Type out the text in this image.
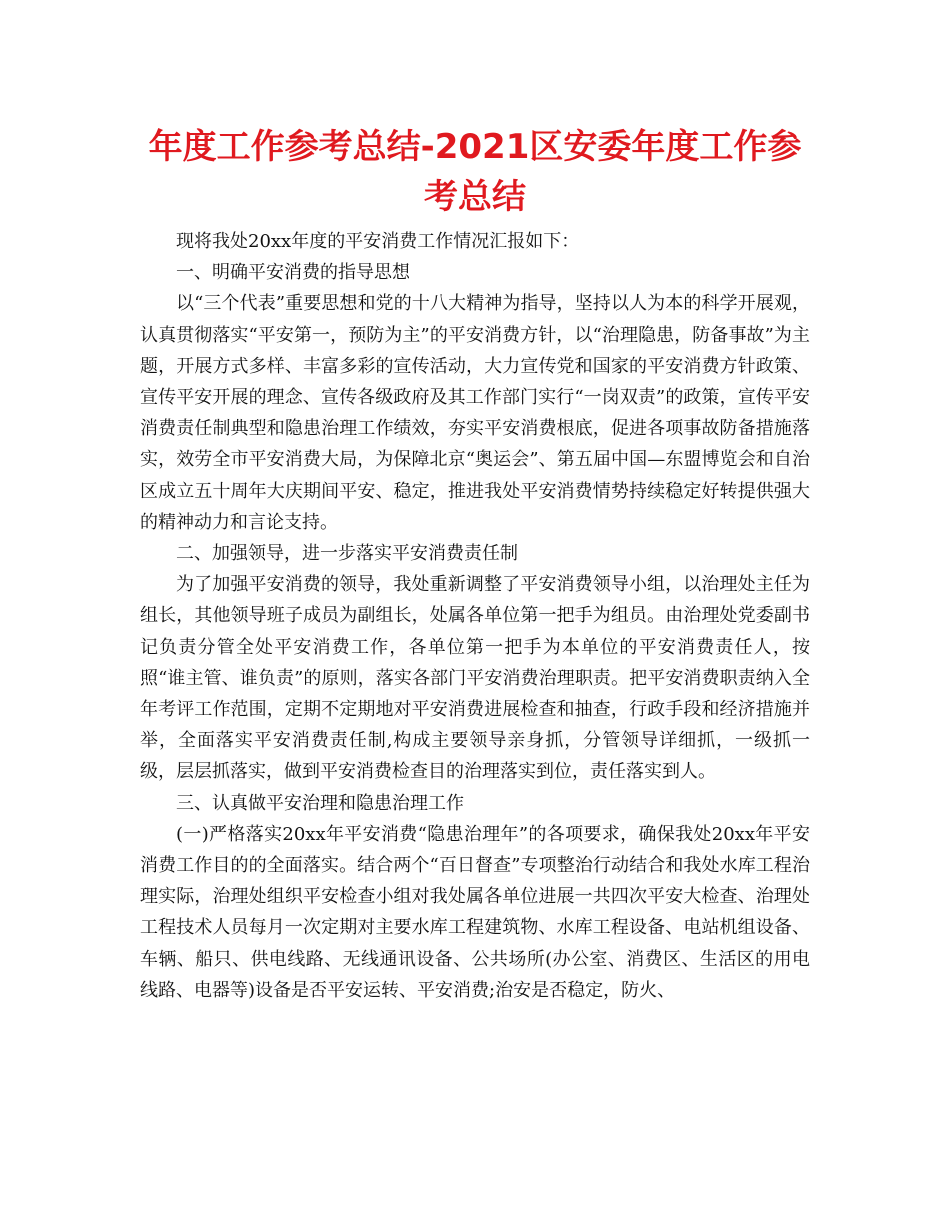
年度工作参考总结-2021区安委年度工作参考总结

现将我处20xx年度的平安消费工作情况汇报如下：

一、明确平安消费的指导思想

以“三个代表”重要思想和党的十八大精神为指导，坚持以人为本的科学开展观，认真贯彻落实“平安第一，预防为主”的平安消费方针，以“治理隐患，防备事故”为主题，开展方式多样、丰富多彩的宣传活动，大力宣传党和国家的平安消费方针政策、宣传平安开展的理念、宣传各级政府及其工作部门实行“一岗双责”的政策，宣传平安消费责任制典型和隐患治理工作绩效，夯实平安消费根底，促进各项事故防备措施落实，效劳全市平安消费大局，为保障北京“奥运会”、第五届中国—东盟博览会和自治区成立五十周年大庆期间平安、稳定，推进我处平安消费情势持续稳定好转提供强大的精神动力和言论支持。

二、加强领导，进一步落实平安消费责任制

为了加强平安消费的领导，我处重新调整了平安消费领导小组，以治理处主任为组长，其他领导班子成员为副组长，处属各单位第一把手为组员。由治理处党委副书记负责分管全处平安消费工作，各单位第一把手为本单位的平安消费责任人，按照“谁主管、谁负责”的原则，落实各部门平安消费治理职责。把平安消费职责纳入全年考评工作范围，定期不定期地对平安消费进展检查和抽查，行政手段和经济措施并举，全面落实平安消费责任制,构成主要领导亲身抓，分管领导详细抓，一级抓一级，层层抓落实，做到平安消费检查目的治理落实到位，责任落实到人。

三、认真做平安治理和隐患治理工作

(一)严格落实20xx年平安消费“隐患治理年”的各项要求，确保我处20xx年平安消费工作目的的全面落实。结合两个“百日督查”专项整治行动结合和我处水库工程治理实际，治理处组织平安检查小组对我处属各单位进展一共四次平安大检查、治理处工程技术人员每月一次定期对主要水库工程建筑物、水库工程设备、电站机组设备、车辆、船只、供电线路、无线通讯设备、公共场所(办公室、消费区、生活区的用电线路、电器等)设备是否平安运转、平安消费;治安是否稳定，防火、
